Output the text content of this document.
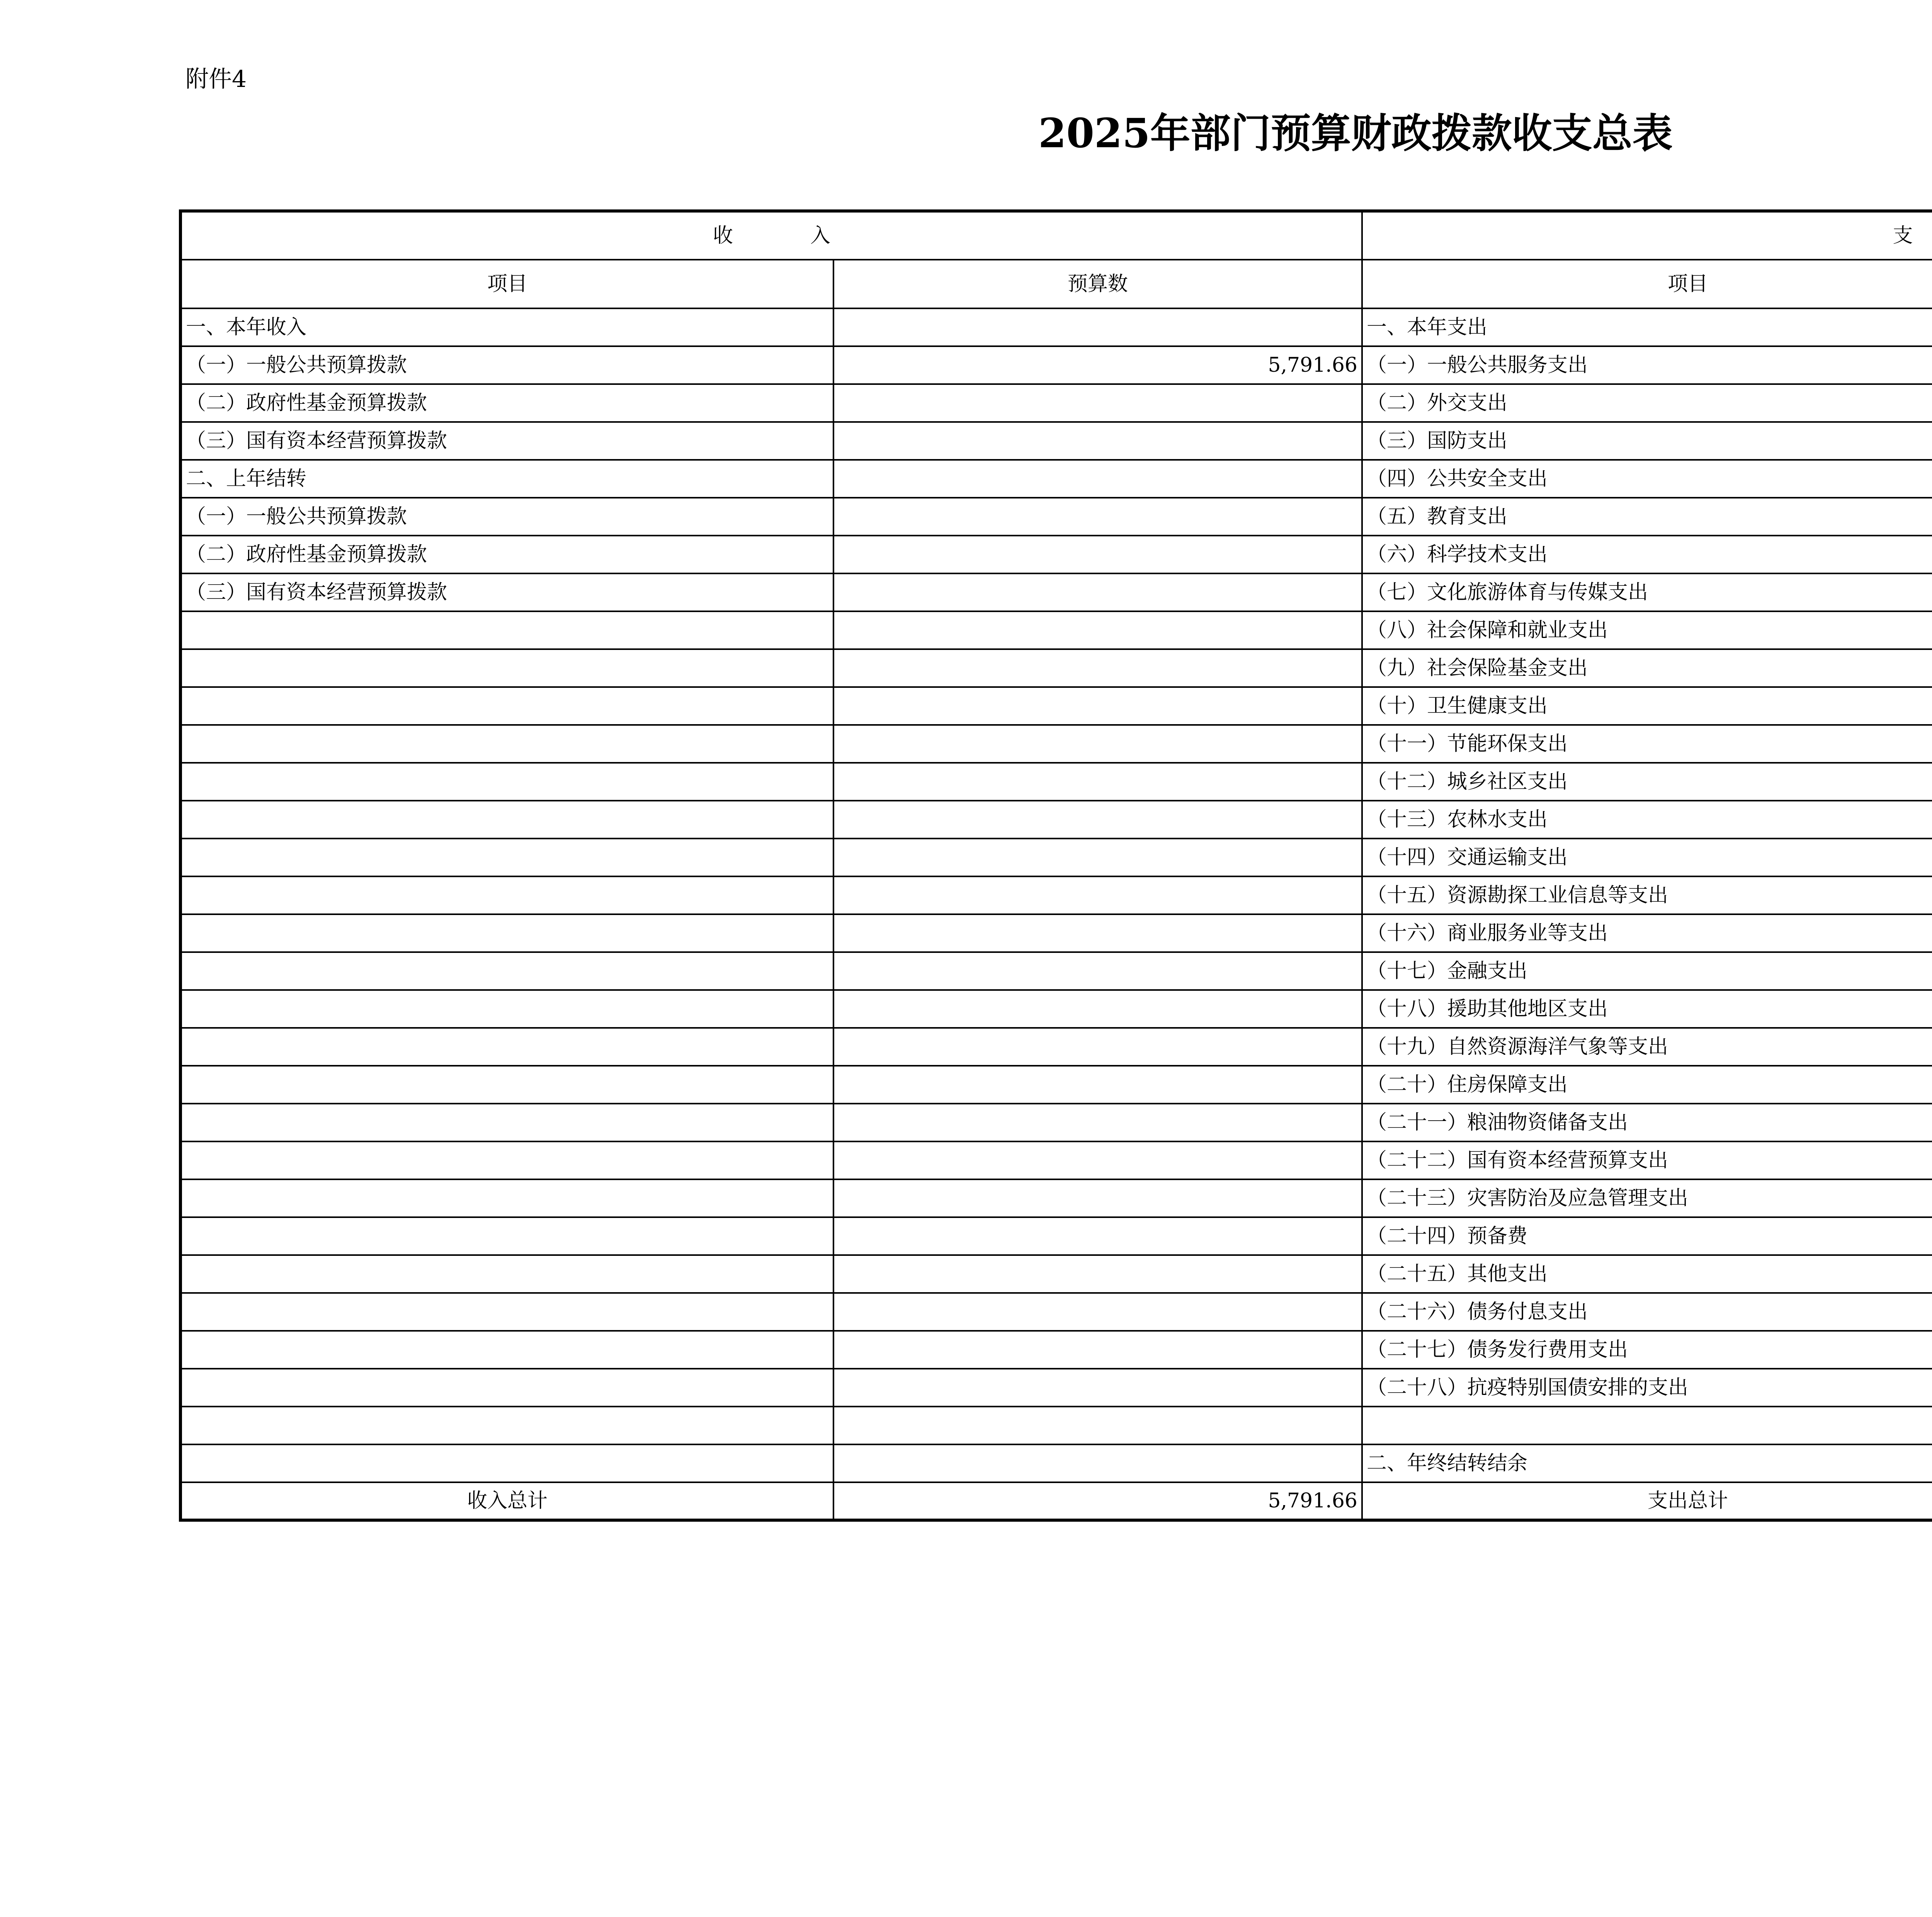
附件4
2025年部门预算财政拨款收支总表
收 入		支	
项目	预算数	项目	
一、本年收入		一、本年支出	
（一）一般公共预算拨款	5,791.66	（一）一般公共服务支出	
（二）政府性基金预算拨款		（二）外交支出	
（三）国有资本经营预算拨款		（三）国防支出	
二、上年结转		（四）公共安全支出	
（一）一般公共预算拨款		（五）教育支出	
（二）政府性基金预算拨款		（六）科学技术支出	
（三）国有资本经营预算拨款		（七）文化旅游体育与传媒支出	
		（八）社会保障和就业支出	
		（九）社会保险基金支出	
		（十）卫生健康支出	
		（十一）节能环保支出	
		（十二）城乡社区支出	
		（十三）农林水支出	
		（十四）交通运输支出	
		（十五）资源勘探工业信息等支出	
		（十六）商业服务业等支出	
		（十七）金融支出	
		（十八）援助其他地区支出	
		（十九）自然资源海洋气象等支出	
		（二十）住房保障支出	
		（二十一）粮油物资储备支出	
		（二十二）国有资本经营预算支出	
		（二十三）灾害防治及应急管理支出	
		（二十四）预备费	
		（二十五）其他支出	
		（二十六）债务付息支出	
		（二十七）债务发行费用支出	
		（二十八）抗疫特别国债安排的支出	

		二、年终结转结余	
收入总计	5,791.66	支出总计	
